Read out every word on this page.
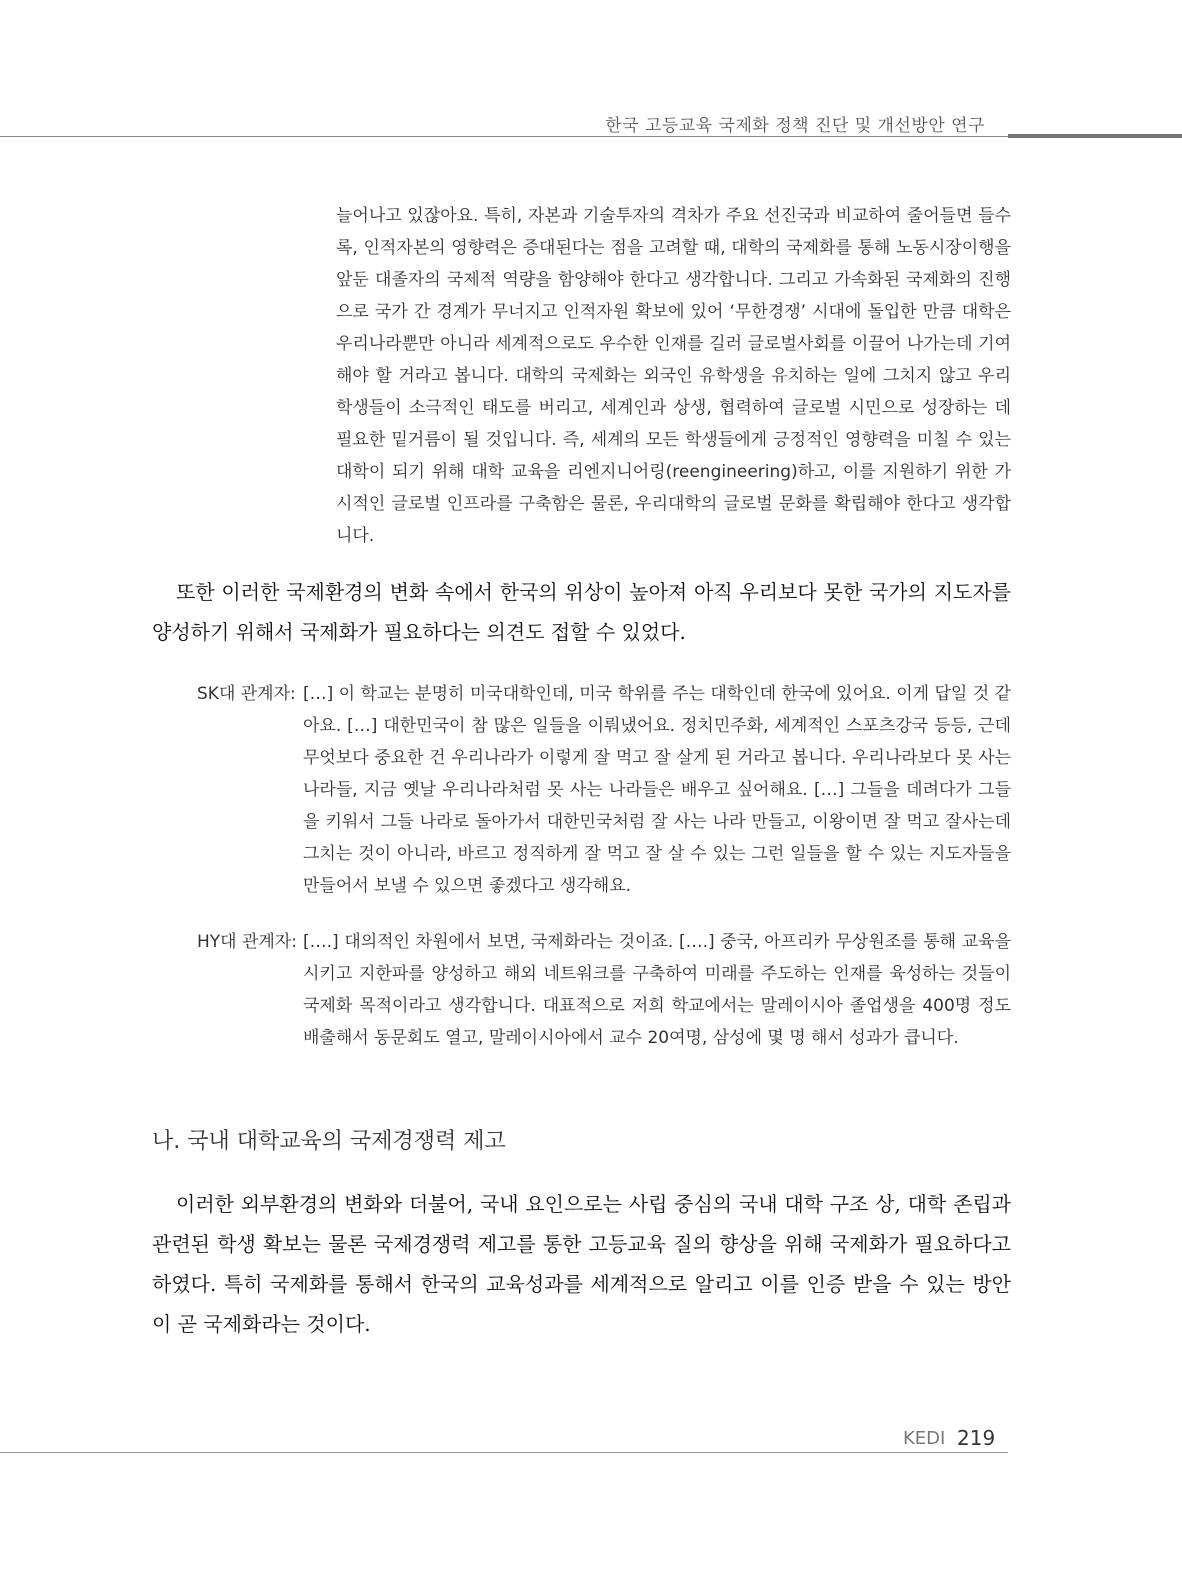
한국 고등교육 국제화 정책 진단 및 개선방안 연구

늘어나고 있잖아요. 특히, 자본과 기술투자의 격차가 주요 선진국과 비교하여 줄어들면 들수록, 인적자본의 영향력은 증대된다는 점을 고려할 때, 대학의 국제화를 통해 노동시장이행을 앞둔 대졸자의 국제적 역량을 함양해야 한다고 생각합니다. 그리고 가속화된 국제화의 진행으로 국가 간 경계가 무너지고 인적자원 확보에 있어 ‘무한경쟁’ 시대에 돌입한 만큼 대학은 우리나라뿐만 아니라 세계적으로도 우수한 인재를 길러 글로벌사회를 이끌어 나가는데 기여해야 할 거라고 봅니다. 대학의 국제화는 외국인 유학생을 유치하는 일에 그치지 않고 우리 학생들이 소극적인 태도를 버리고, 세계인과 상생, 협력하여 글로벌 시민으로 성장하는 데 필요한 밑거름이 될 것입니다. 즉, 세계의 모든 학생들에게 긍정적인 영향력을 미칠 수 있는 대학이 되기 위해 대학 교육을 리엔지니어링(reengineering)하고, 이를 지원하기 위한 가시적인 글로벌 인프라를 구축함은 물론, 우리대학의 글로벌 문화를 확립해야 한다고 생각합니다.

또한 이러한 국제환경의 변화 속에서 한국의 위상이 높아져 아직 우리보다 못한 국가의 지도자를 양성하기 위해서 국제화가 필요하다는 의견도 접할 수 있었다.

SK대 관계자: […] 이 학교는 분명히 미국대학인데, 미국 학위를 주는 대학인데 한국에 있어요. 이게 답일 것 같아요. […] 대한민국이 참 많은 일들을 이뤄냈어요. 정치민주화, 세계적인 스포츠강국 등등, 근데 무엇보다 중요한 건 우리나라가 이렇게 잘 먹고 잘 살게 된 거라고 봅니다. 우리나라보다 못 사는 나라들, 지금 옛날 우리나라처럼 못 사는 나라들은 배우고 싶어해요. […] 그들을 데려다가 그들을 키워서 그들 나라로 돌아가서 대한민국처럼 잘 사는 나라 만들고, 이왕이면 잘 먹고 잘사는데 그치는 것이 아니라, 바르고 정직하게 잘 먹고 잘 살 수 있는 그런 일들을 할 수 있는 지도자들을 만들어서 보낼 수 있으면 좋겠다고 생각해요.

HY대 관계자: [….] 대의적인 차원에서 보면, 국제화라는 것이죠. [….] 중국, 아프리카 무상원조를 통해 교육을 시키고 지한파를 양성하고 해외 네트워크를 구축하여 미래를 주도하는 인재를 육성하는 것들이 국제화 목적이라고 생각합니다. 대표적으로 저희 학교에서는 말레이시아 졸업생을 400명 정도 배출해서 동문회도 열고, 말레이시아에서 교수 20여명, 삼성에 몇 명 해서 성과가 큽니다.

나. 국내 대학교육의 국제경쟁력 제고

이러한 외부환경의 변화와 더불어, 국내 요인으로는 사립 중심의 국내 대학 구조 상, 대학 존립과 관련된 학생 확보는 물론 국제경쟁력 제고를 통한 고등교육 질의 향상을 위해 국제화가 필요하다고 하였다. 특히 국제화를 통해서 한국의 교육성과를 세계적으로 알리고 이를 인증 받을 수 있는 방안이 곧 국제화라는 것이다.

KEDI 219
